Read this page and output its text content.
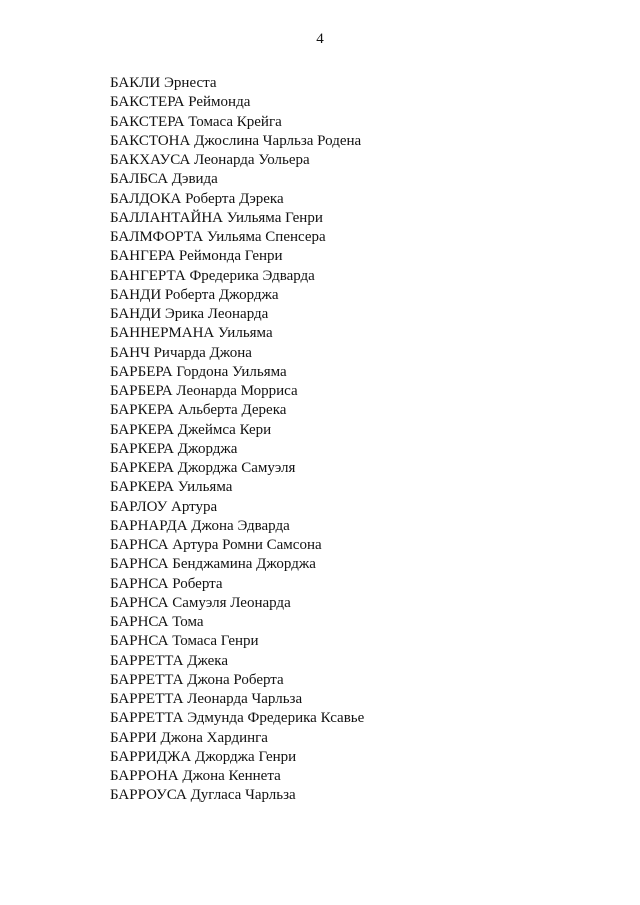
4
БАКЛИ Эрнеста
БАКСТЕРА Реймонда
БАКСТЕРА Томаса Крейга
БАКСТОНА Джослина Чарльза Родена
БАКХАУСА Леонарда Уольера
БАЛБСА Дэвида
БАЛДОКА Роберта Дэрека
БАЛЛАНТАЙНА Уильяма Генри
БАЛМФОРТА Уильяма Спенсера
БАНГЕРА Реймонда Генри
БАНГЕРТА Фредерика Эдварда
БАНДИ Роберта Джорджа
БАНДИ Эрика Леонарда
БАННЕРМАНА Уильяма
БАНЧ Ричарда Джона
БАРБЕРА Гордона Уильяма
БАРБЕРА Леонарда Морриса
БАРКЕРА Альберта Дерека
БАРКЕРА Джеймса Кери
БАРКЕРА Джорджа
БАРКЕРА Джорджа Самуэля
БАРКЕРА Уильяма
БАРЛОУ Артура
БАРНАРДА Джона Эдварда
БАРНСА Артура Ромни Самсона
БАРНСА Бенджамина Джорджа
БАРНСА Роберта
БАРНСА Самуэля Леонарда
БАРНСА Тома
БАРНСА Томаса Генри
БАРРЕТТА Джека
БАРРЕТТА Джона Роберта
БАРРЕТТА Леонарда Чарльза
БАРРЕТТА Эдмунда Фредерика Ксавье
БАРРИ Джона Хардинга
БАРРИДЖА Джорджа Генри
БАРРОНА Джона Кеннета
БАРРОУСА Дугласа Чарльза
